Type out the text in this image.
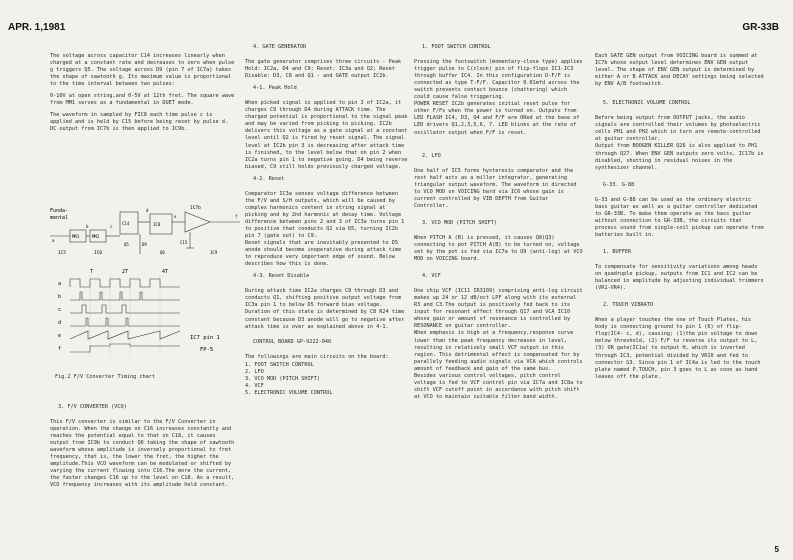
APR. 1,1981	GR-33B

The voltage across capacitor C14 increases linearly when charged at a constant rate and decreases to zero when pulse g triggers Q5. The voltage across D9 (pin 7 of IC7a) takes the shape of sawtooth g. Its maximum value is proportional to the time interval between two pulses:

0-10V at open string,and 0-5V at 12th fret. The square wave from MM1 serves as a fundamental in DUET mode.

The waveform in sampled by FIC8 each time pulse c is applied and is held by C15 before being reset by pulse d. DC output from IC7b is then applied to IC9b.

Funda-mental
MM1	MM2
C14	IC8
IC7b
C15
D9
Q5
IC5	IC6
a
b	c
d
e	f
Q6	IC9
T	2T	4T
a
b
c
d
e
f
IC7 pin 1
FP-5
Fig.2 F/V Converter Timing chart
3. F/V CONVERTER (VCO)

This F/V converter is similar to the F/V Converter in operation. When the change on C16 increases constantly and reaches the potential equal to that on C18, it causes output from IC9b to conduct Q6 taking the shape of sawtooth waveform whose amplitude is inversely proportional to fret frequency, that is, the lower the fret, the higher the amplitude.This VCO waveform can be modulated or shifted by varying the current flowing into C16.The more the current, the faster changes C16 up to the level on C18. As a result, VCO frequency increases with its amplitude held constant.

4. GATE GENERATOR

The gate generator comprises three circuits - Peak Hold: IC2a, D4 and C9; Reset: IC3a and Q2; Reset Disable: D3, C8 and Q1 - and GATE output IC2b.

4-1. Peak Hold

When picked signal is applied to pin 3 of IC2a, it charges C9 through D4 during ATTACK time. The charged potential is proportional to the signal peak and may be varied from picking to picking. IC2b delivers this voltage as a gate signal at a constant level until Q2 is fired by reset signal. The signal level at IC2b pin 3 is decreasing after attack time is finished, to the level below that on pin 2 when IC2a turns pin 1 to negative going. D4 being reverse biased, C9 still holds previously charged voltage.

4-2. Reset

Comparator IC3a senses voltage difference between the F/V and S/H outputs, which will be caused by complex harmonics content in string signal at picking and by 2nd harmonic at decay time. Voltage difference between pins 2 and 3 of IC3a turns pin 1 to positive that conducts Q2 via D5, turning IC2b pin 7 (gate out) to C9.
Reset signals that are inevitably presented to D5 anode should become inoperative during attack time to reproduce very important edge of sound. Below describes how this is done.

4-3. Reset Disable

During attack time IC2a charges C8 through D3 and conducts Q1, shifting positive output voltage from IC3a pin 1 to below D5 forward bias voltage. Duration of this state is determined by C8 R24 time constant because D3 anode will go to negative after attack time is over as explained above in 4-1.

CONTROL BOARD GP-9222-040

The followings are main circuits on the board:

1. FOOT SWITCH CONTROL
2. LFO
3. VCO MOD (PITCH SHIFT)
4. VCF
5. ELECTRONIC VOLUME CONTROL
1. FOOT SWITCH CONTROL

Pressing the footswitch (momentary-close type) applies trigger pulse to C(clock) pin of flip-flops IC1-IC3 through buffer IC4. In this configuration D-F/F is connected as type T-F/F. Capacitor 0.01mfd across the switch prevents contact bounce (chattering) which could cause false triggering.
POWER RESET IC2b generates initial reset pulse for other F/Fs when the power is turned on. Outputs from LED FLASH IC4, D3, Q4 and F/F are ORed at the base of LED drivers Q1,2,3,5,6, 7. LED blinks at the rate of oscillator output when F/F is reset.

2. LFO

One half of IC5 forms hysteresis comparator and the rest half acts as a miller integrator, generating triangular output waveform. The waveform in directed to VCO MOD on VOICING bard via IC6 whose gain is current controlled by VIB DEPTH from Guitar Controller.

3. VCO MOD (PITCH SHIFT)

When PITCH A (B) is pressed, it causes Q8(Q3) connecting to pot PITCH A(B) to be turned on, voltage set by the pot is fed via IC7a to Q9 (anti-log) at VCO MOD on VOICING board.

4. VCF

One chip VCF (IC11 IR3109) comprising anti-log circuit makes up 24 or 12 dB/oct LPF along with its external R3 and C3.The output is positively fed back to its input for resonant effect through Q17 and VCA IC10 whose gain or amount of resonance is controlled by RESONANCE on guitar controller.
When emphasis is high at a frequency,response curve lower than the peak frequency decreases in level, resulting in relatively small VCF output in this region. This detrimental effect is compensated for by parallely feeding audio signals via VCA which controls amount of feedback and gain of the same bus.
Besides various control voltages, pitch control voltage is fed to VCF control pin via IC7a and IC8a to shift VCF cutoff point in accordance with pitch shift at VCO to maintain suitable filter band width.

Each GATE GEN output from VOICING board is summed at IC7b whose output level determines ENV GEN output level. The shape of ENV GEN output is determined by either A or B ATTACK and DECAY settings being selected by ENV A/B footswitch.

5. ELECTRONIC VOLUME CONTROL

Before being output from OUTPUT jacks, the audio signals are controlled their volumes by photoelectric cells PH1 and PH2 which in turn are remote-controlled at guitar controller.
Output from BOOGEN KILLER Q26 is also applied to PH1 through Q27. When ENV GEN outputs zero volts, IC17b is disabled, shutting in residual noises in the synthesizer channel.

G-33. G-88

G-33 and G-88 can be used as the ordinary electric bass guitar as well as a guitar controller dedicated to GR-33B. To make them operate as the bass guitar without connection to GR-33B, the circuits that process sound from single-coil pickup can operate from batteries built in.

1. BUFFER

To compensate for sensitivity variations among heads on quadruple pickup, outputs from IC1 and IC2 can be balanced in amplitude by adjusting individual trimmers (VR1-VR4).

2. TOUCH VIBRATO

When a player touches the one of Touch Plates, his body is connecting ground to pin 1 (6) of flip-flop(IC4- c, d), causing; (1)the pin voltage to down below threshold, (2) F/F to reverse its output to L, (3) OR gate(IC1a) to output H, which is inverted through IC3, potential divided by VR10 and fed to connector G3. Since pin 1 of IC4a is led to the touch plate named P.TOUCH, pin 3 goes to L as soon as hand leaves off the plate.

5
